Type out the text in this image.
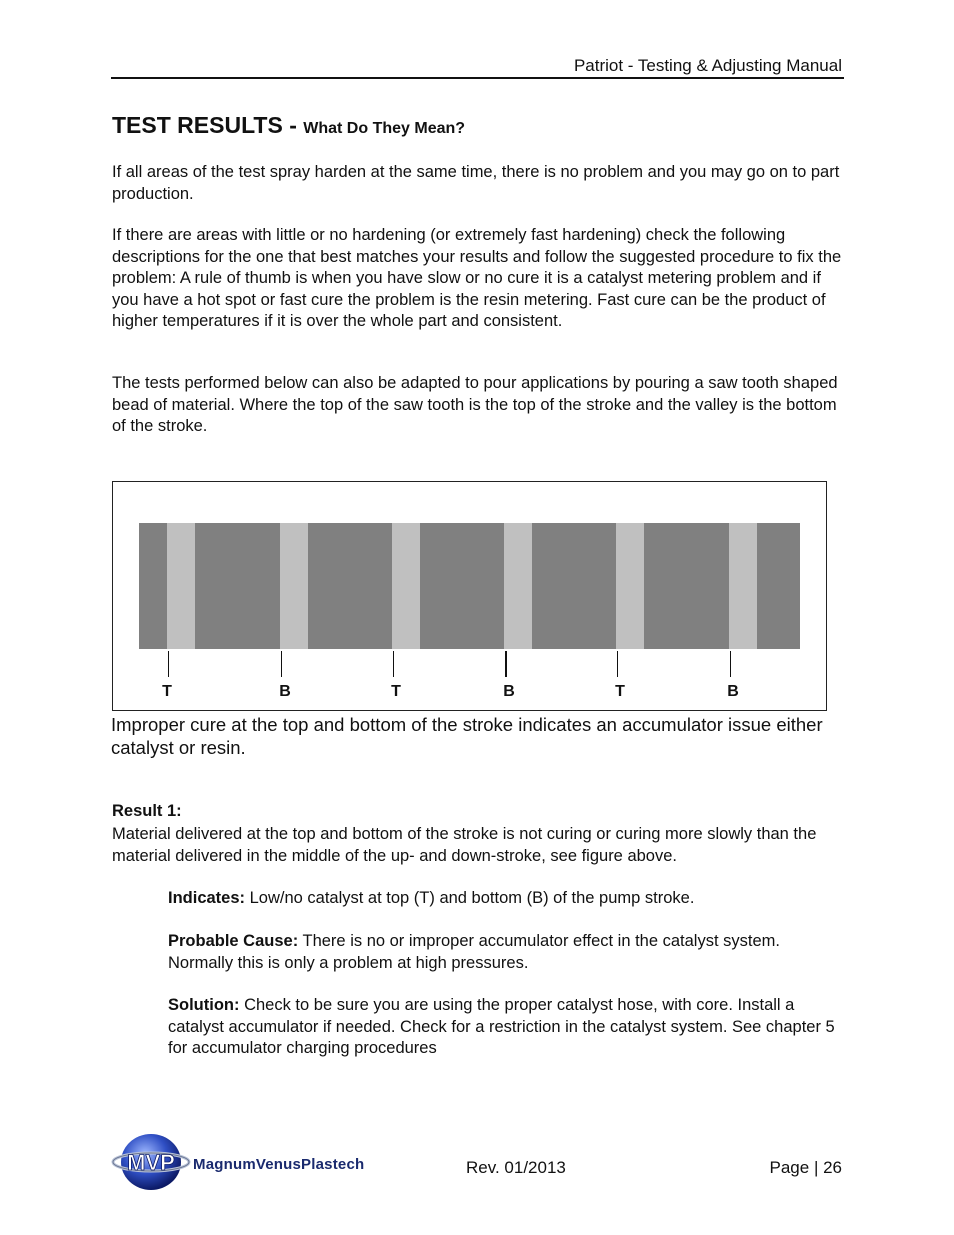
Patriot - Testing & Adjusting Manual
TEST RESULTS - What Do They Mean?
If all areas of the test spray harden at the same time, there is no problem and you may go on to part production.
If there are areas with little or no hardening (or extremely fast hardening) check the following descriptions for the one that best matches your results and follow the suggested procedure to fix the problem: A rule of thumb is when you have slow or no cure it is a catalyst metering problem and if you have a hot spot or fast cure the problem is the resin metering. Fast cure can be the product of higher temperatures if it is over the whole part and consistent.
The tests performed below can also be adapted to pour applications by pouring a saw tooth shaped bead of material. Where the top of the saw tooth is the top of the stroke and the valley is the bottom of the stroke.
T	B	T	B	T	B
Improper cure at the top and bottom of the stroke indicates an accumulator issue either catalyst or resin.
Result 1:
Material delivered at the top and bottom of the stroke is not curing or curing more slowly than the material delivered in the middle of the up- and down-stroke, see figure above.
Indicates: Low/no catalyst at top (T) and bottom (B) of the pump stroke.
Probable Cause: There is no or improper accumulator effect in the catalyst system. Normally this is only a problem at high pressures.
Solution: Check to be sure you are using the proper catalyst hose, with core. Install a catalyst accumulator if needed. Check for a restriction in the catalyst system. See chapter 5 for accumulator charging procedures
MVP MagnumVenusPlastech	Rev. 01/2013	Page | 26
